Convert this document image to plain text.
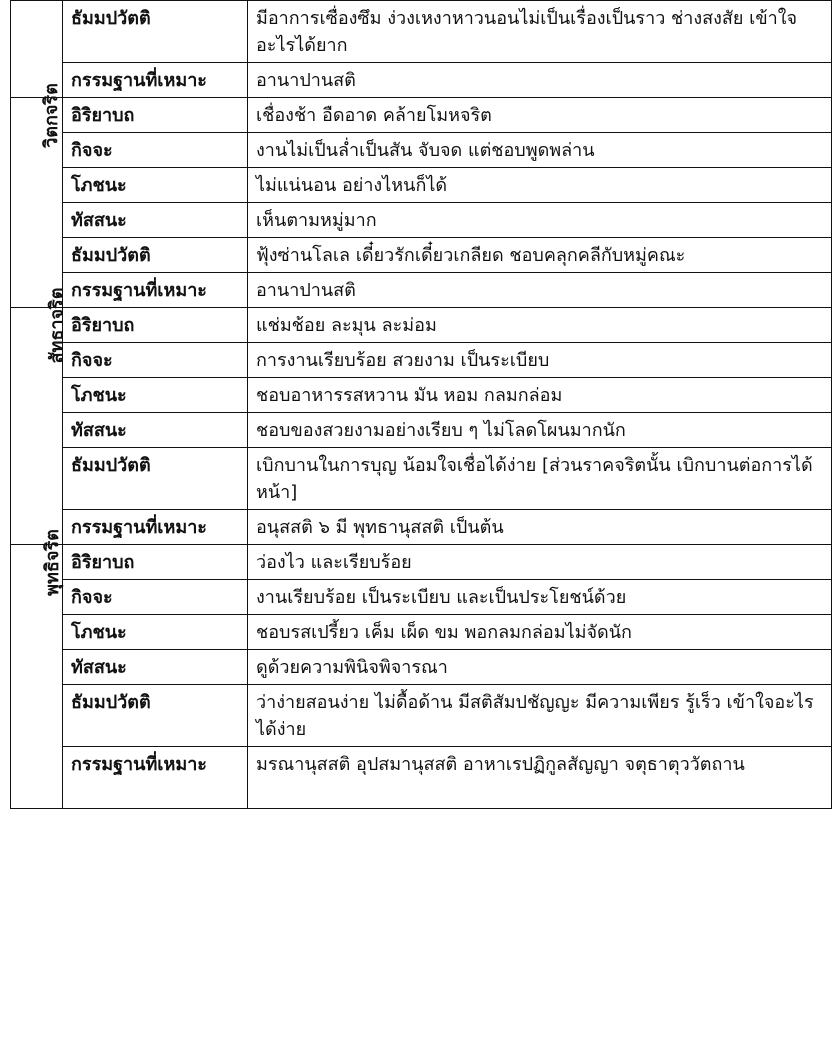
	ธัมมปวัตติ	มีอาการเซื่องซึม ง่วงเหงาหาวนอนไม่เป็นเรื่องเป็นราว ช่างสงสัย เข้าใจอะไรได้ยาก
	กรรมฐานที่เหมาะ	อานาปานสติ
วิตกจริต	อิริยาบถ	เชื่องช้า อืดอาด คล้ายโมหจริต
	กิจจะ	งานไม่เป็นล่ำเป็นสัน จับจด แต่ชอบพูดพล่าน
	โภชนะ	ไม่แน่นอน อย่างไหนก็ได้
	ทัสสนะ	เห็นตามหมู่มาก
	ธัมมปวัตติ	ฟุ้งซ่านโลเล เดี๋ยวรักเดี๋ยวเกลียด ชอบคลุกคลีกับหมู่คณะ
	กรรมฐานที่เหมาะ	อานาปานสติ
สัทธาจริต	อิริยาบถ	แช่มช้อย ละมุน ละม่อม
	กิจจะ	การงานเรียบร้อย สวยงาม เป็นระเบียบ
	โภชนะ	ชอบอาหารรสหวาน มัน หอม กลมกล่อม
	ทัสสนะ	ชอบของสวยงามอย่างเรียบ ๆ ไม่โลดโผนมากนัก
	ธัมมปวัตติ	เบิกบานในการบุญ น้อมใจเชื่อได้ง่าย [ส่วนราคจริตนั้น เบิกบานต่อการได้หน้า]
	กรรมฐานที่เหมาะ	อนุสสติ ๖ มี พุทธานุสสติ เป็นต้น
พุทธิจริต	อิริยาบถ	ว่องไว และเรียบร้อย
	กิจจะ	งานเรียบร้อย เป็นระเบียบ และเป็นประโยชน์ด้วย
	โภชนะ	ชอบรสเปรี้ยว เค็ม เผ็ด ขม พอกลมกล่อมไม่จัดนัก
	ทัสสนะ	ดูด้วยความพินิจพิจารณา
	ธัมมปวัตติ	ว่าง่ายสอนง่าย ไม่ดื้อด้าน มีสติสัมปชัญญะ มีความเพียร รู้เร็ว เข้าใจอะไรได้ง่าย
	กรรมฐานที่เหมาะ	มรณานุสสติ อุปสมานุสสติ อาหาเรปฏิกูลสัญญา จตุธาตุววัตถาน
